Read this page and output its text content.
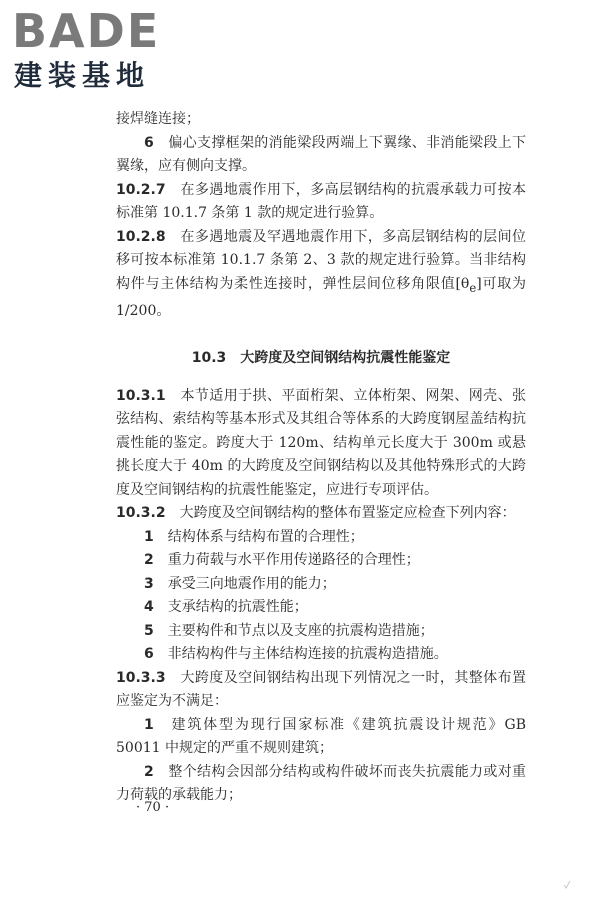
BADE
建装基地

接焊缝连接；

6　 偏心支撑框架的消能梁段两端上下翼缘、非消能梁段上下翼缘，应有侧向支撑。

10.2.7　 在多遇地震作用下，多高层钢结构的抗震承载力可按本标准第 10.1.7 条第 1 款的规定进行验算。

10.2.8　 在多遇地震及罕遇地震作用下，多高层钢结构的层间位移可按本标准第 10.1.7 条第 2、3 款的规定进行验算。当非结构构件与主体结构为柔性连接时，弹性层间位移角限值$[\theta_e]$可取为 1/200。

10.3　大跨度及空间钢结构抗震性能鉴定

10.3.1　 本节适用于拱、平面桁架、立体桁架、网架、网壳、张弦结构、索结构等基本形式及其组合等体系的大跨度钢屋盖结构抗震性能的鉴定。跨度大于 120m、结构单元长度大于 300m 或悬挑长度大于 40m 的大跨度及空间钢结构以及其他特殊形式的大跨度及空间钢结构的抗震性能鉴定，应进行专项评估。

10.3.2　 大跨度及空间钢结构的整体布置鉴定应检查下列内容：

1　 结构体系与结构布置的合理性；

2　 重力荷载与水平作用传递路径的合理性；

3　 承受三向地震作用的能力；

4　 支承结构的抗震性能；

5　 主要构件和节点以及支座的抗震构造措施；

6　 非结构构件与主体结构连接的抗震构造措施。

10.3.3　 大跨度及空间钢结构出现下列情况之一时，其整体布置应鉴定为不满足：

1　 建筑体型为现行国家标准《建筑抗震设计规范》GB 50011 中规定的严重不规则建筑；

2　 整个结构会因部分结构或构件破坏而丧失抗震能力或对重力荷载的承载能力；

· 70 ·
